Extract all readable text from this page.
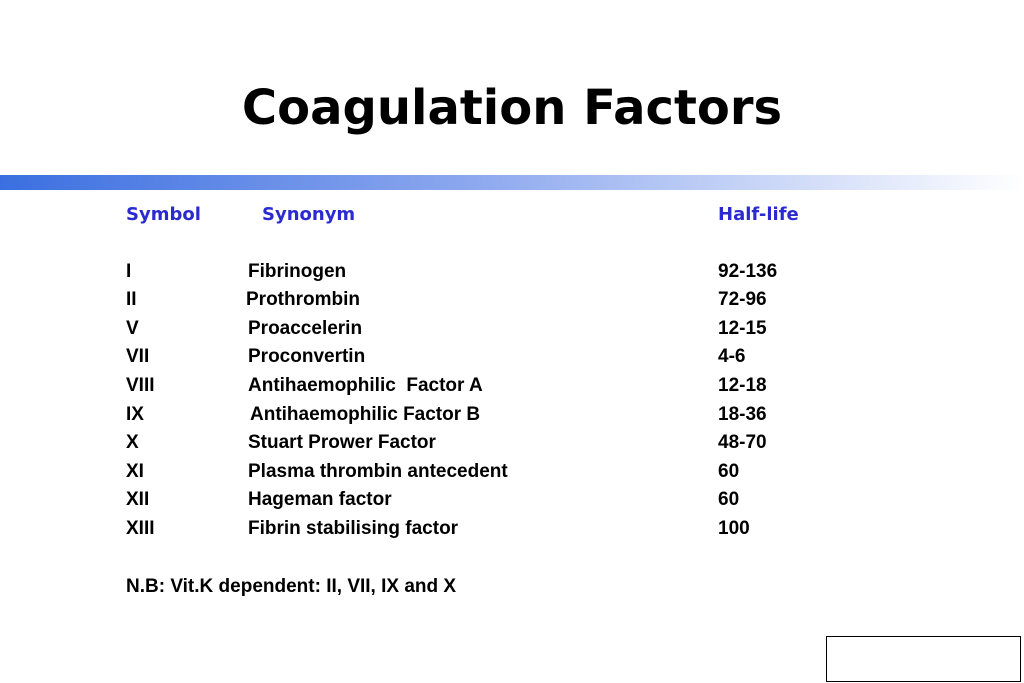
Coagulation Factors
Symbol	Synonym	Half-life
I	Fibrinogen	92-136
II	Prothrombin	72-96
V	Proaccelerin	12-15
VII	Proconvertin	4-6
VIII	Antihaemophilic  Factor A	12-18
IX	Antihaemophilic Factor B	18-36
X	Stuart Prower Factor	48-70
XI	Plasma thrombin antecedent	60
XII	Hageman factor	60
XIII	Fibrin stabilising factor	100
N.B: Vit.K dependent: II, VII, IX and X
